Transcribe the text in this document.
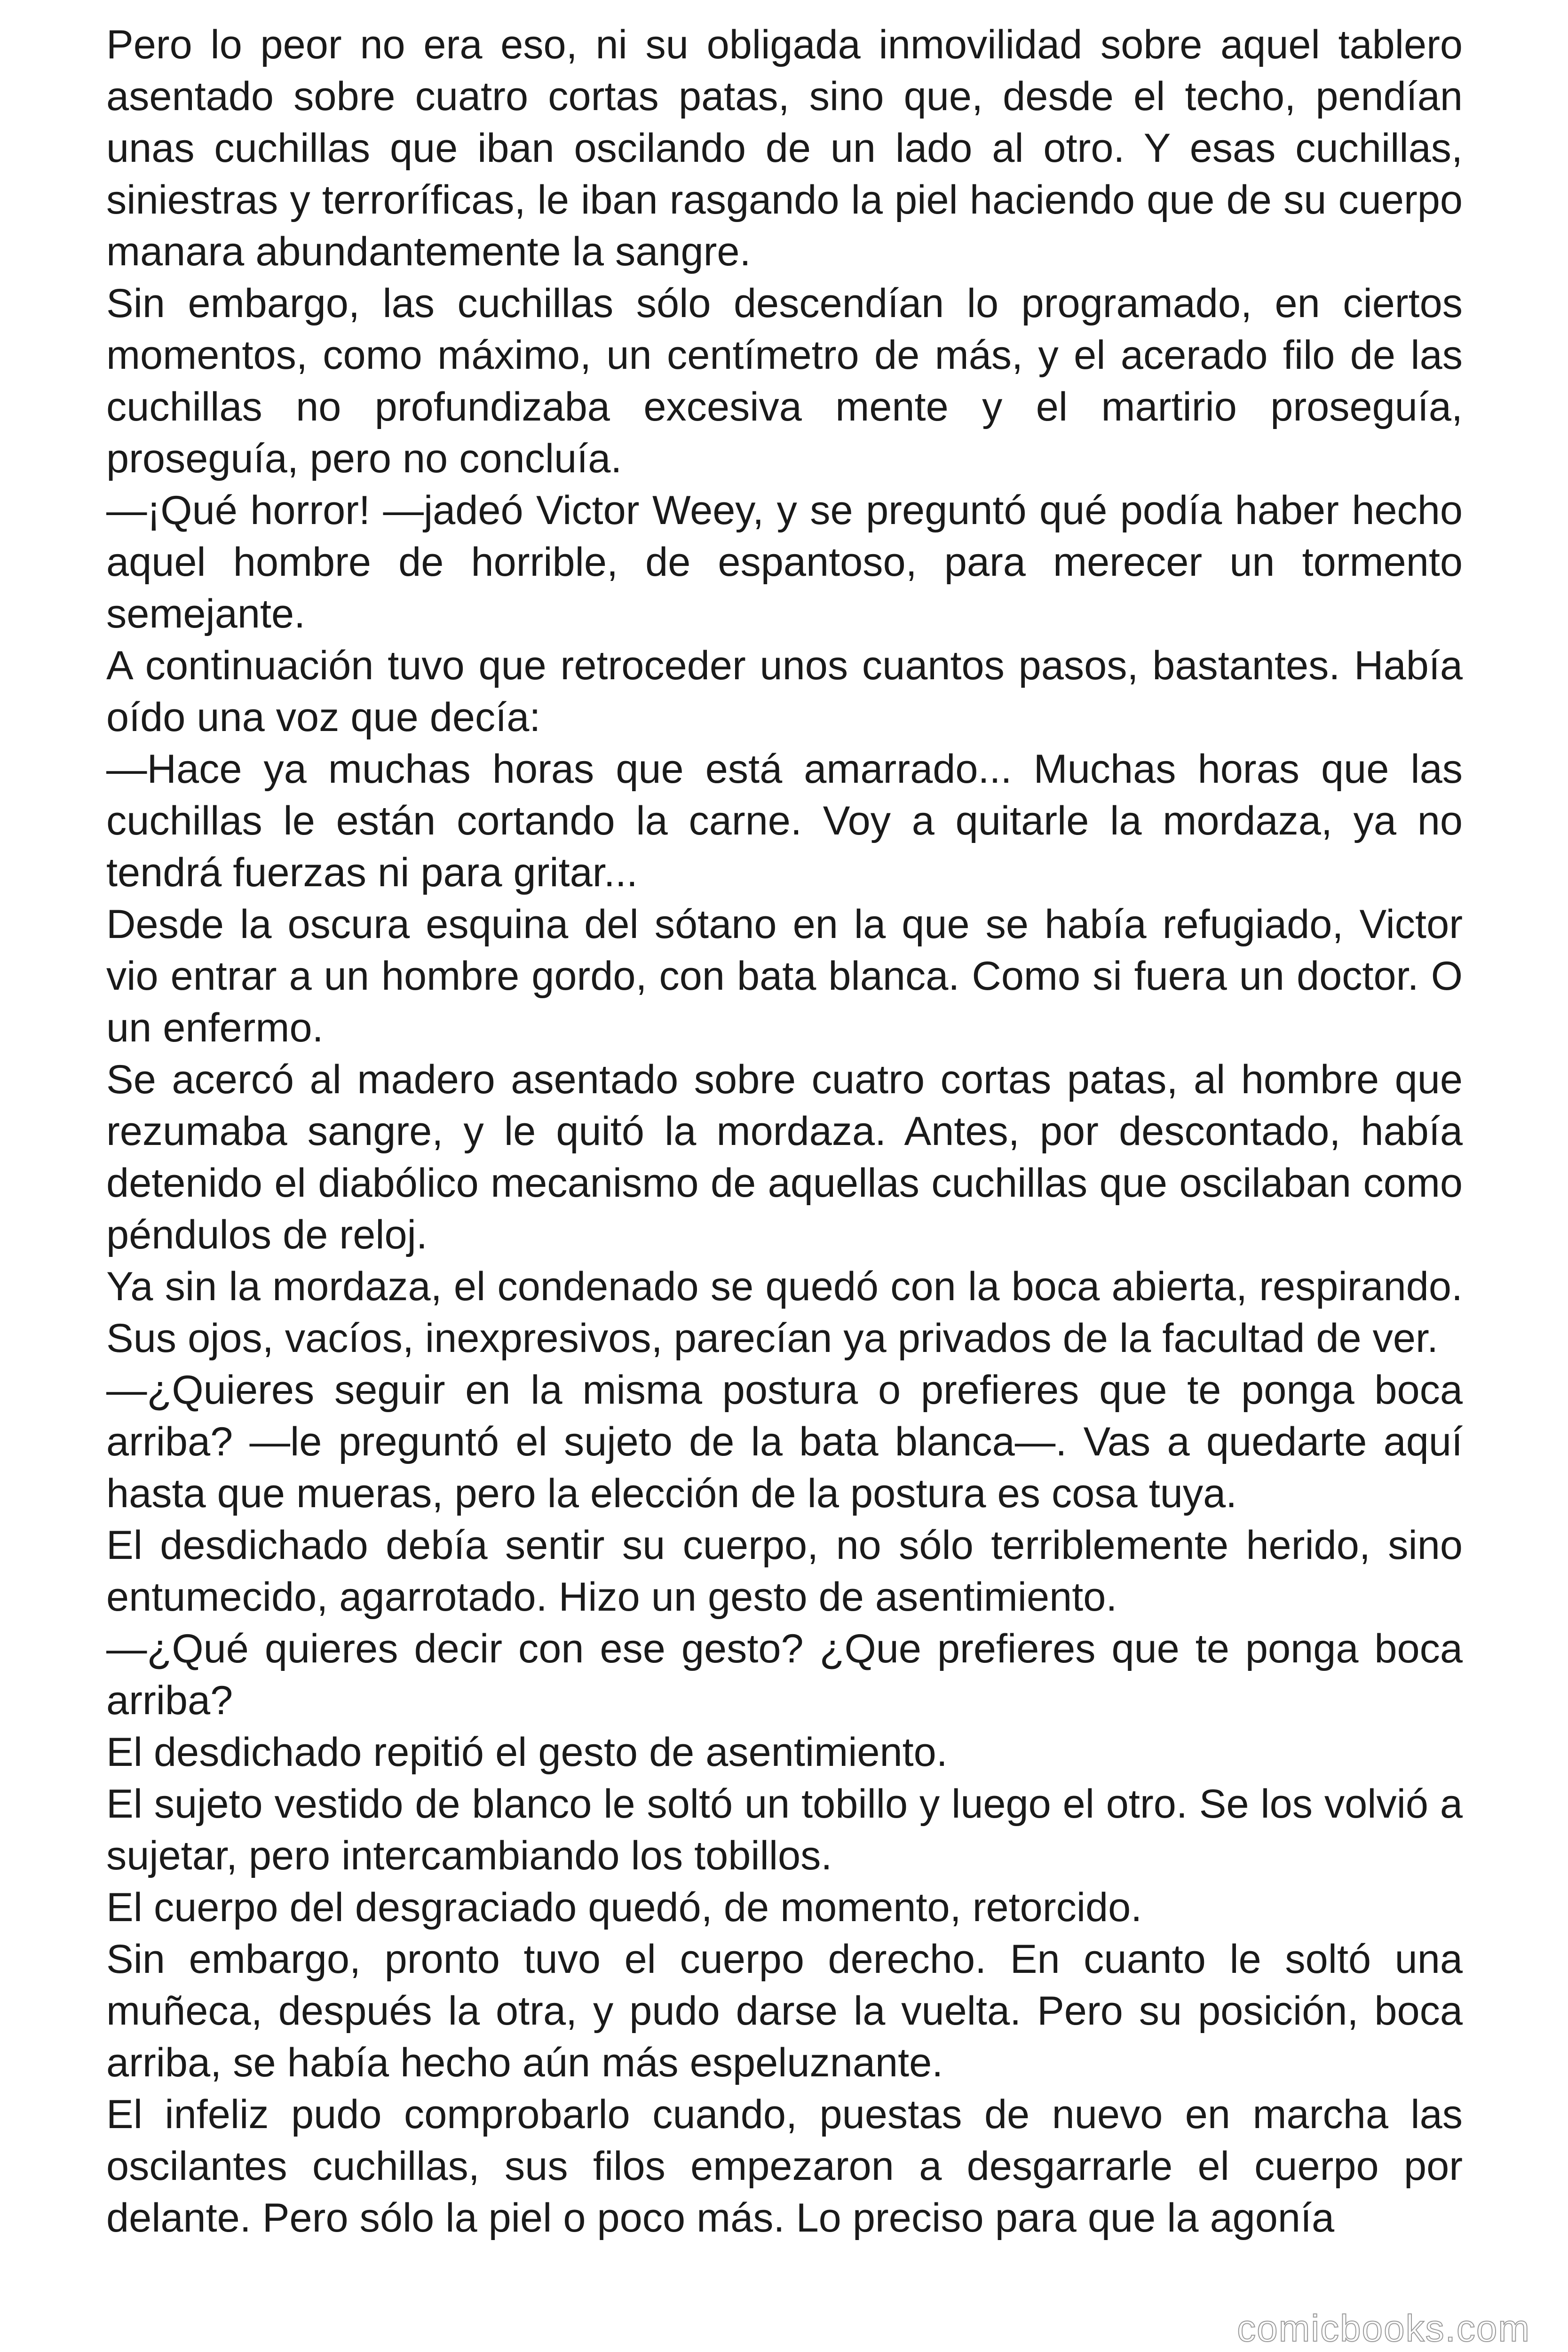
Pero lo peor no era eso, ni su obligada inmovilidad sobre aquel tablero asentado sobre cuatro cortas patas, sino que, desde el techo, pendían unas cuchillas que iban oscilando de un lado al otro. Y esas cuchillas, siniestras y terroríficas, le iban rasgando la piel haciendo que de su cuerpo manara abundantemente la sangre.

Sin embargo, las cuchillas sólo descendían lo programado, en ciertos momentos, como máximo, un centímetro de más, y el acerado filo de las cuchillas no profundizaba excesiva mente y el martirio proseguía, proseguía, pero no concluía.

—¡Qué horror! —jadeó Victor Weey, y se preguntó qué podía haber hecho aquel hombre de horrible, de espantoso, para merecer un tormento semejante.

A continuación tuvo que retroceder unos cuantos pasos, bastantes. Había oído una voz que decía:

—Hace ya muchas horas que está amarrado... Muchas horas que las cuchillas le están cortando la carne. Voy a quitarle la mordaza, ya no tendrá fuerzas ni para gritar...

Desde la oscura esquina del sótano en la que se había refugiado, Victor vio entrar a un hombre gordo, con bata blanca. Como si fuera un doctor. O un enfermo.

Se acercó al madero asentado sobre cuatro cortas patas, al hombre que rezumaba sangre, y le quitó la mordaza. Antes, por descontado, había detenido el diabólico mecanismo de aquellas cuchillas que oscilaban como péndulos de reloj.

Ya sin la mordaza, el condenado se quedó con la boca abierta, respirando. Sus ojos, vacíos, inexpresivos, parecían ya privados de la facultad de ver.

—¿Quieres seguir en la misma postura o prefieres que te ponga boca arriba? —le preguntó el sujeto de la bata blanca—. Vas a quedarte aquí hasta que mueras, pero la elección de la postura es cosa tuya.

El desdichado debía sentir su cuerpo, no sólo terriblemente herido, sino entumecido, agarrotado. Hizo un gesto de asentimiento.

—¿Qué quieres decir con ese gesto? ¿Que prefieres que te ponga boca arriba?

El desdichado repitió el gesto de asentimiento.

El sujeto vestido de blanco le soltó un tobillo y luego el otro. Se los volvió a sujetar, pero intercambiando los tobillos.

El cuerpo del desgraciado quedó, de momento, retorcido.

Sin embargo, pronto tuvo el cuerpo derecho. En cuanto le soltó una muñeca, después la otra, y pudo darse la vuelta. Pero su posición, boca arriba, se había hecho aún más espeluznante.

El infeliz pudo comprobarlo cuando, puestas de nuevo en marcha las oscilantes cuchillas, sus filos empezaron a desgarrarle el cuerpo por delante. Pero sólo la piel o poco más. Lo preciso para que la agonía

comicbooks.com
